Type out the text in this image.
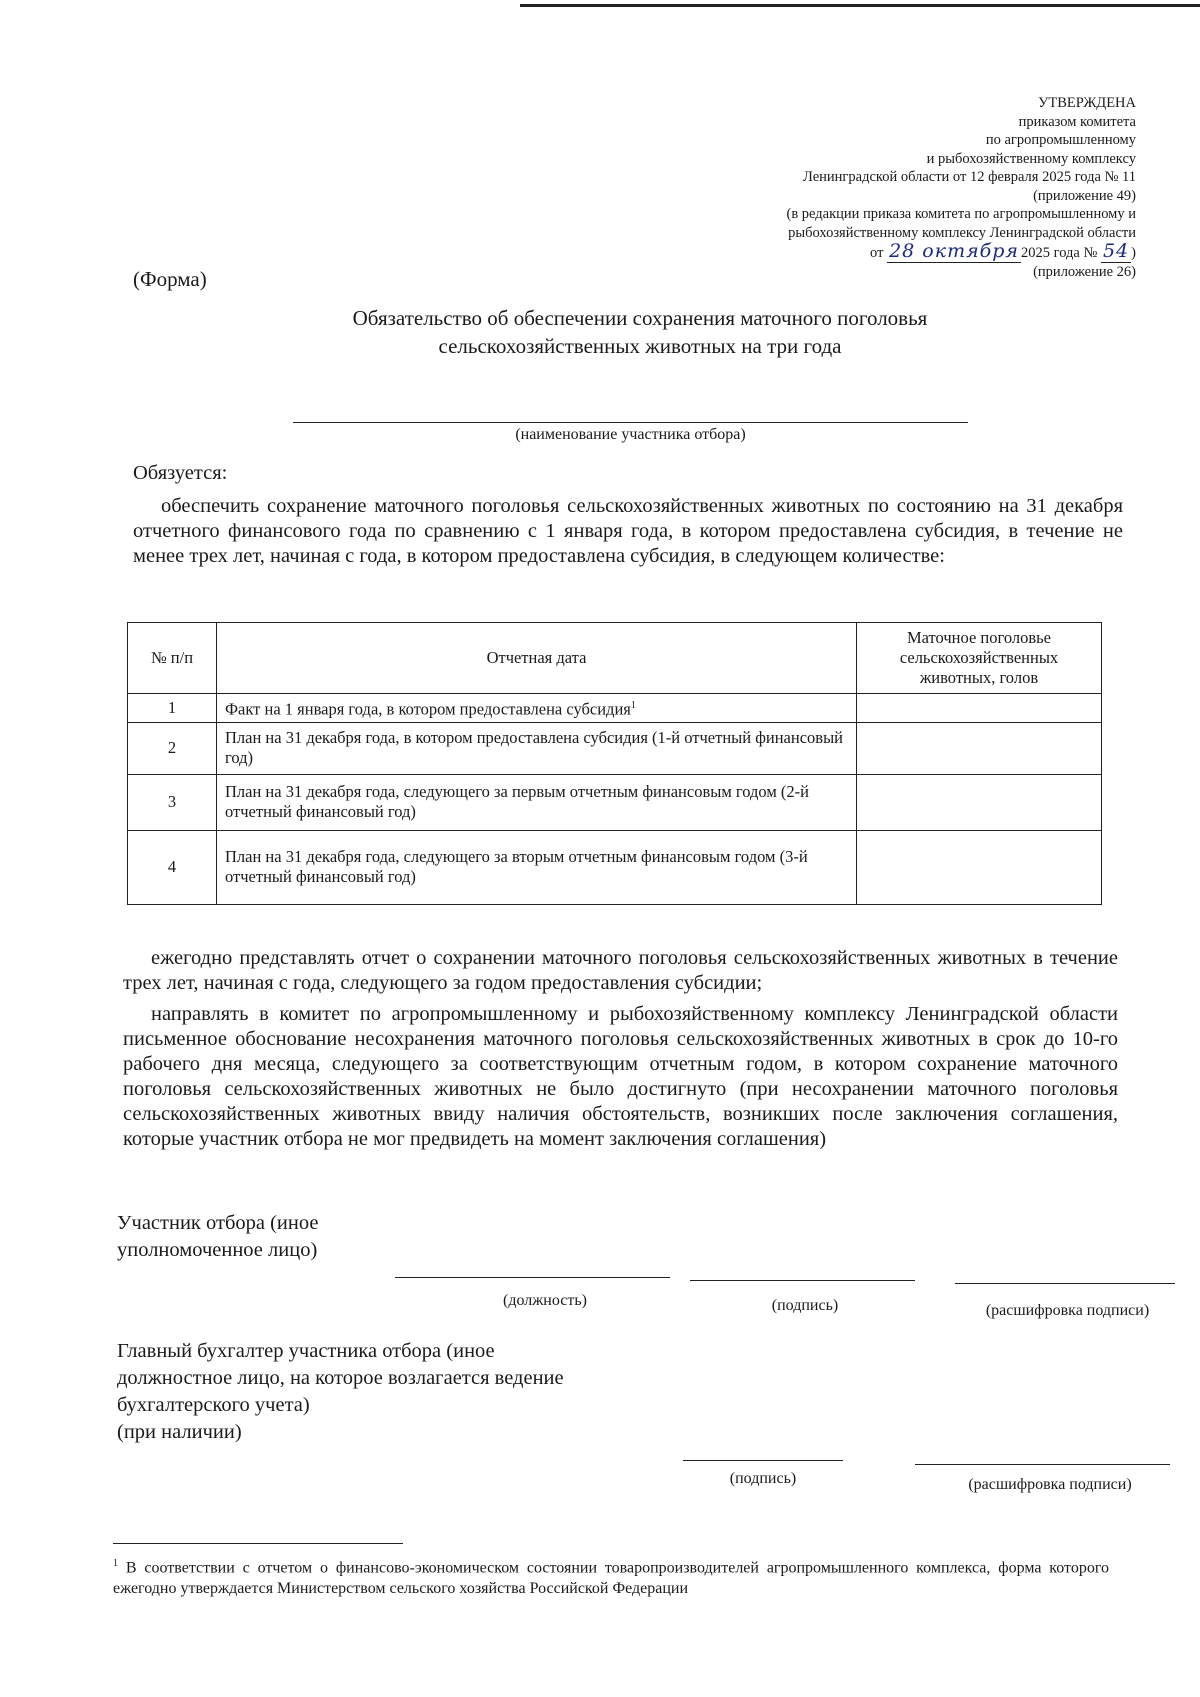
УТВЕРЖДЕНА
приказом комитета
по агропромышленному
и рыбохозяйственному комплексу
Ленинградской области от 12 февраля 2025 года № 11
(приложение 49)
(в редакции приказа комитета по агропромышленному и
рыбохозяйственному комплексу Ленинградской области
от 28 октября 2025 года № 54 )
(приложение 26)
(Форма)
Обязательство об обеспечении сохранения маточного поголовья
сельскохозяйственных животных на три года
(наименование участника отбора)
Обязуется:
обеспечить сохранение маточного поголовья сельскохозяйственных животных по состоянию на 31 декабря отчетного финансового года по сравнению с 1 января года, в котором предоставлена субсидия, в течение не менее трех лет, начиная с года, в котором предоставлена субсидия, в следующем количестве:
№ п/п	Отчетная дата	Маточное поголовье сельскохозяйственных животных, голов
1	Факт на 1 января года, в котором предоставлена субсидия$^1$	
2	План на 31 декабря года, в котором предоставлена субсидия (1-й отчетный финансовый год)	
3	План на 31 декабря года, следующего за первым отчетным финансовым годом (2-й отчетный финансовый год)	
4	План на 31 декабря года, следующего за вторым отчетным финансовым годом (3-й отчетный финансовый год)	
ежегодно представлять отчет о сохранении маточного поголовья сельскохозяйственных животных в течение трех лет, начиная с года, следующего за годом предоставления субсидии;
направлять в комитет по агропромышленному и рыбохозяйственному комплексу Ленинградской области письменное обоснование несохранения маточного поголовья сельскохозяйственных животных в срок до 10-го рабочего дня месяца, следующего за соответствующим отчетным годом, в котором сохранение маточного поголовья сельскохозяйственных животных не было достигнуто (при несохранении маточного поголовья сельскохозяйственных животных ввиду наличия обстоятельств, возникших после заключения соглашения, которые участник отбора не мог предвидеть на момент заключения соглашения)
Участник отбора (иное
уполномоченное лицо)
(должность)	(подпись)	(расшифровка подписи)
Главный бухгалтер участника отбора (иное
должностное лицо, на которое возлагается ведение
бухгалтерского учета)
(при наличии)
(подпись)	(расшифровка подписи)
$^1$ В соответствии с отчетом о финансово-экономическом состоянии товаропроизводителей агропромышленного комплекса, форма которого ежегодно утверждается Министерством сельского хозяйства Российской Федерации
